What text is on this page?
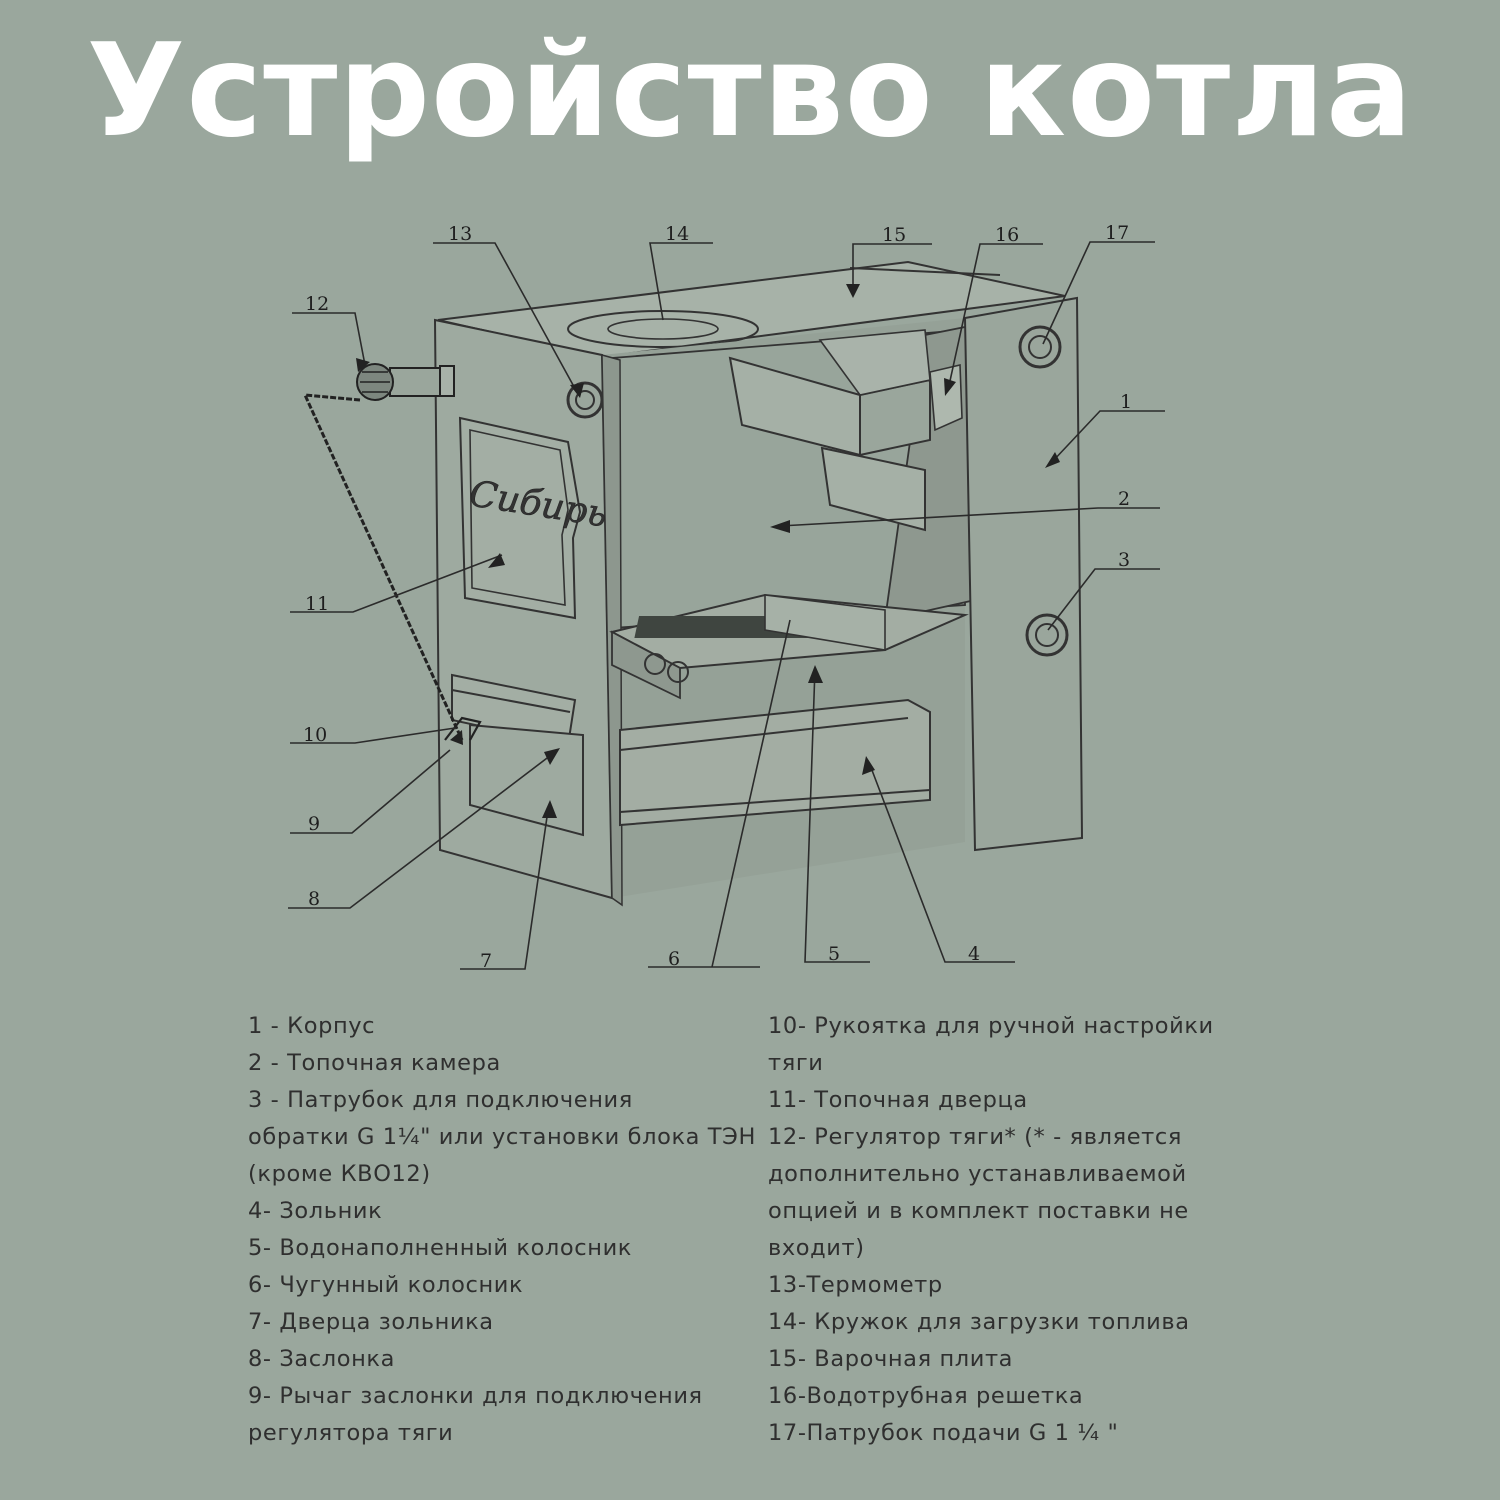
Устройство котла
Сибирь
1
2
3
4
5
6
7
8
9
10
11
12
13	14	15	16	17
1 - Корпус
2 - Топочная камера
3 - Патрубок для подключения
обратки G 1¼" или установки блока ТЭН
(кроме КВО12)
4- Зольник
5- Водонаполненный колосник
6- Чугунный колосник
7- Дверца зольника
8- Заслонка
9- Рычаг заслонки для подключения
регулятора тяги
10- Рукоятка для ручной настройки
тяги
11- Топочная дверца
12- Регулятор тяги* (* - является
дополнительно устанавливаемой
опцией и в комплект поставки не
входит)
13-Термометр
14- Кружок для загрузки топлива
15- Варочная плита
16-Водотрубная решетка
17-Патрубок подачи G 1 ¼ "
